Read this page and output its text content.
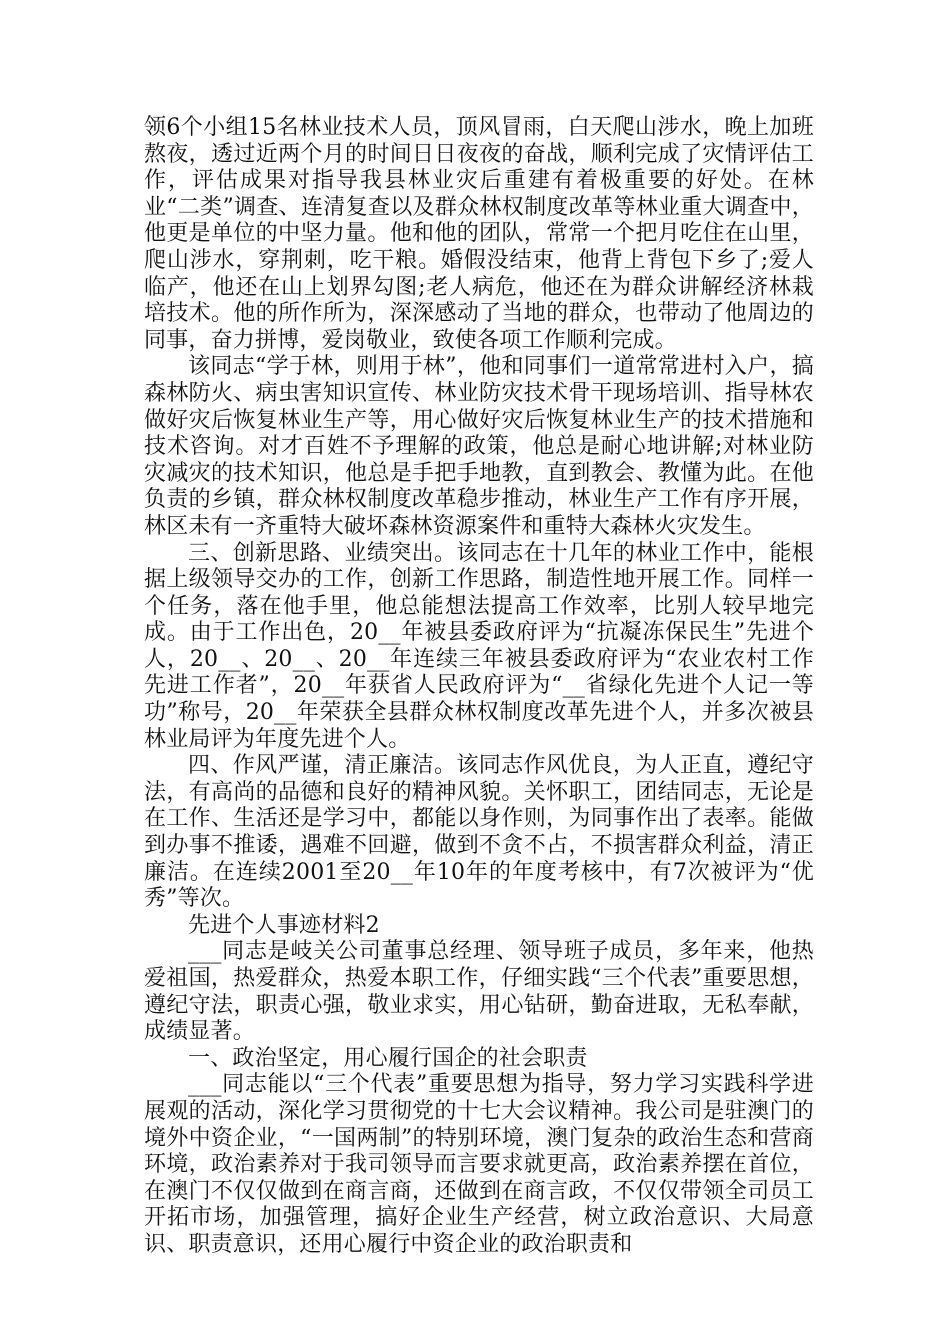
领6个小组15名林业技术人员，顶风冒雨，白天爬山涉水，晚上加班熬夜，透过近两个月的时间日日夜夜的奋战，顺利完成了灾情评估工作，评估成果对指导我县林业灾后重建有着极重要的好处。在林业“二类”调查、连清复查以及群众林权制度改革等林业重大调查中，他更是单位的中坚力量。他和他的团队，常常一个把月吃住在山里，爬山涉水，穿荆刺，吃干粮。婚假没结束，他背上背包下乡了;爱人临产，他还在山上划界勾图;老人病危，他还在为群众讲解经济林栽培技术。他的所作所为，深深感动了当地的群众，也带动了他周边的同事，奋力拼博，爱岗敬业，致使各项工作顺利完成。

该同志“学于林，则用于林”，他和同事们一道常常进村入户，搞森林防火、病虫害知识宣传、林业防灾技术骨干现场培训、指导林农做好灾后恢复林业生产等，用心做好灾后恢复林业生产的技术措施和技术咨询。对才百姓不予理解的政策，他总是耐心地讲解;对林业防灾减灾的技术知识，他总是手把手地教，直到教会、教懂为此。在他负责的乡镇，群众林权制度改革稳步推动，林业生产工作有序开展，林区未有一齐重特大破坏森林资源案件和重特大森林火灾发生。

三、创新思路、业绩突出。该同志在十几年的林业工作中，能根据上级领导交办的工作，创新工作思路，制造性地开展工作。同样一个任务，落在他手里，他总能想法提高工作效率，比别人较早地完成。由于工作出色，20__年被县委政府评为“抗凝冻保民生”先进个人，20__、20__、20__年连续三年被县委政府评为“农业农村工作先进工作者”，20__年获省人民政府评为“__省绿化先进个人记一等功”称号，20__年荣获全县群众林权制度改革先进个人，并多次被县林业局评为年度先进个人。

四、作风严谨，清正廉洁。该同志作风优良，为人正直，遵纪守法，有高尚的品德和良好的精神风貌。关怀职工，团结同志，无论是在工作、生活还是学习中，都能以身作则，为同事作出了表率。能做到办事不推诿，遇难不回避，做到不贪不占，不损害群众利益，清正廉洁。在连续2001至20__年10年的年度考核中，有7次被评为“优秀”等次。

先进个人事迹材料2

___同志是岐关公司董事总经理、领导班子成员，多年来，他热爱祖国，热爱群众，热爱本职工作，仔细实践“三个代表”重要思想，遵纪守法，职责心强，敬业求实，用心钻研，勤奋进取，无私奉献，成绩显著。

一、政治坚定，用心履行国企的社会职责

___同志能以“三个代表”重要思想为指导，努力学习实践科学进展观的活动，深化学习贯彻党的十七大会议精神。我公司是驻澳门的境外中资企业，“一国两制”的特别环境，澳门复杂的政治生态和营商环境，政治素养对于我司领导而言要求就更高，政治素养摆在首位，在澳门不仅仅做到在商言商，还做到在商言政，不仅仅带领全司员工开拓市场，加强管理，搞好企业生产经营，树立政治意识、大局意识、职责意识，还用心履行中资企业的政治职责和
